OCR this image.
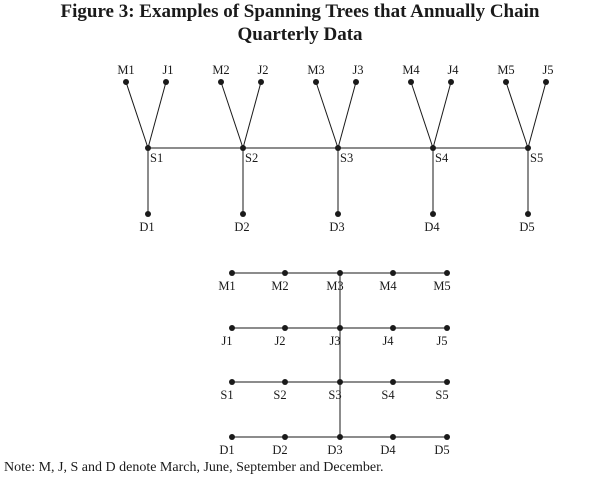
Figure 3: Examples of Spanning Trees that Annually Chain
Quarterly Data
M1 J1
S1
D1
M2 J2
S2
D2
M3 J3
S3
D3
M4 J4
S4
D4
M5 J5
S5
D5
M1	M2	M3	M4	M5
J1	J2	J3	J4	J5
S1	S2	S3	S4	S5
D1	D2	D3	D4	D5
Note: M, J, S and D denote March, June, September and December.
